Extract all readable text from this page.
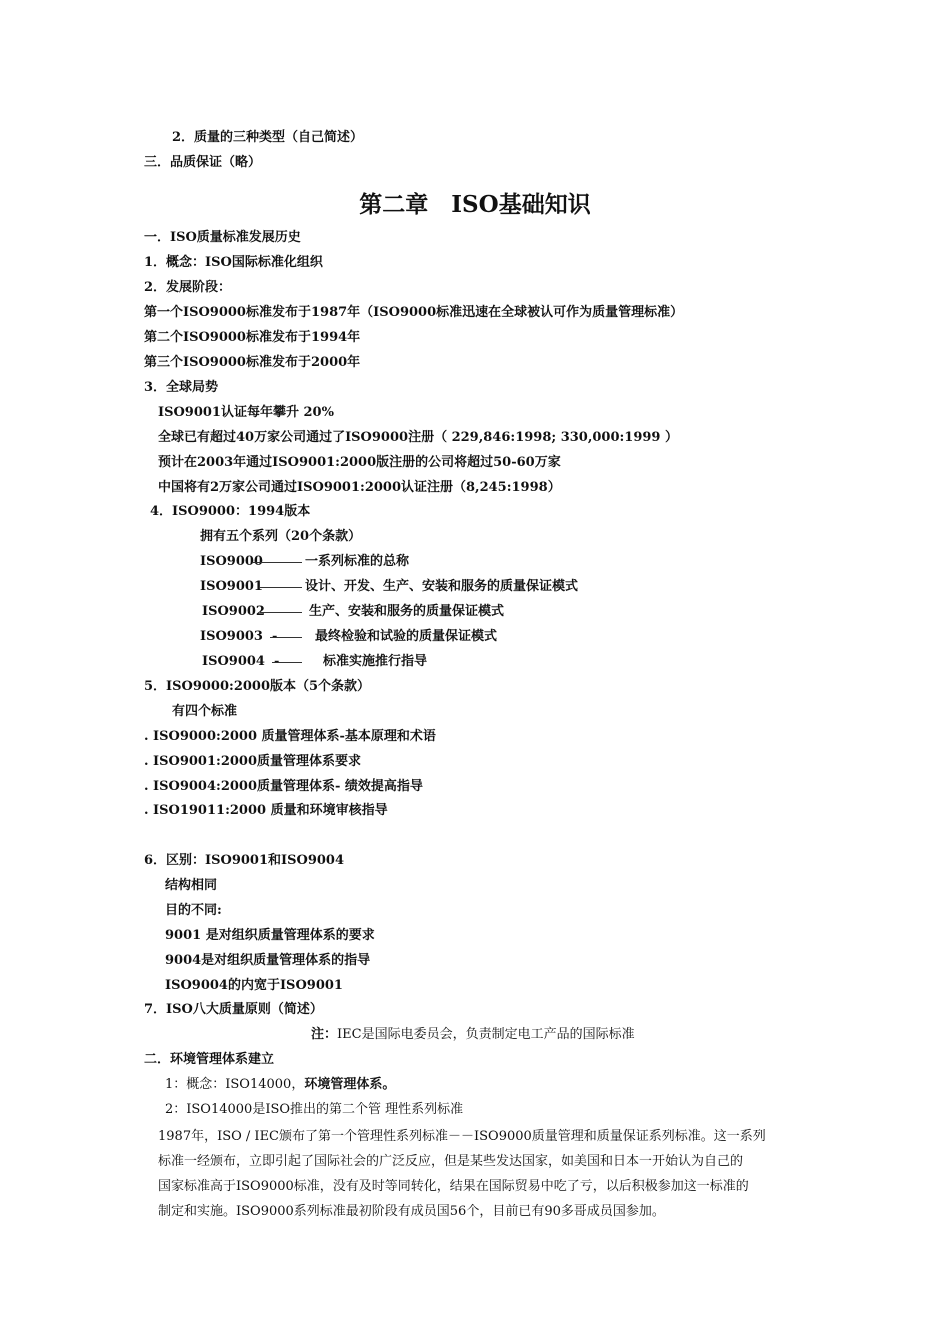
2．质量的三种类型（自己简述）
三．品质保证（略）
第二章　ISO基础知识
一．ISO质量标准发展历史
1．概念：ISO国际标准化组织
2．发展阶段：
第一个ISO9000标准发布于1987年（ISO9000标准迅速在全球被认可作为质量管理标准）
第二个ISO9000标准发布于1994年
第三个ISO9000标准发布于2000年
3．全球局势
ISO9001认证每年攀升 20%
全球已有超过40万家公司通过了ISO9000注册（ 229,846:1998; 330,000:1999 ）
预计在2003年通过ISO9001:2000版注册的公司将超过50-60万家
中国将有2万家公司通过ISO9001:2000认证注册（8,245:1998）
4．ISO9000：1994版本
拥有五个系列（20个条款）
ISO9000	一系列标准的总称
ISO9001	设计、开发、生产、安装和服务的质量保证模式
ISO9002	生产、安装和服务的质量保证模式
ISO9003  -	最终检验和试验的质量保证模式
ISO9004  -	标准实施推行指导
5．ISO9000:2000版本（5个条款）
有四个标准
. ISO9000:2000 质量管理体系-基本原理和术语
. ISO9001:2000质量管理体系要求
. ISO9004:2000质量管理体系- 绩效提高指导
. ISO19011:2000 质量和环境审核指导
6．区别：ISO9001和ISO9004
结构相同
目的不同:
9001 是对组织质量管理体系的要求
9004是对组织质量管理体系的指导
ISO9004的内宽于ISO9001
7．ISO八大质量原则（简述）
注：IEC是国际电委员会，负责制定电工产品的国际标准
二．环境管理体系建立
1：概念：ISO14000，环境管理体系。
2：ISO14000是ISO推出的第二个管 理性系列标准
1987年，ISO / IEC颁布了第一个管理性系列标准－－ISO9000质量管理和质量保证系列标准。这一系列
标准一经颁布，立即引起了国际社会的广泛反应，但是某些发达国家，如美国和日本一开始认为自己的
国家标准高于ISO9000标准，没有及时等同转化，结果在国际贸易中吃了亏，以后积极参加这一标准的
制定和实施。ISO9000系列标准最初阶段有成员国56个，目前已有90多哥成员国参加。
